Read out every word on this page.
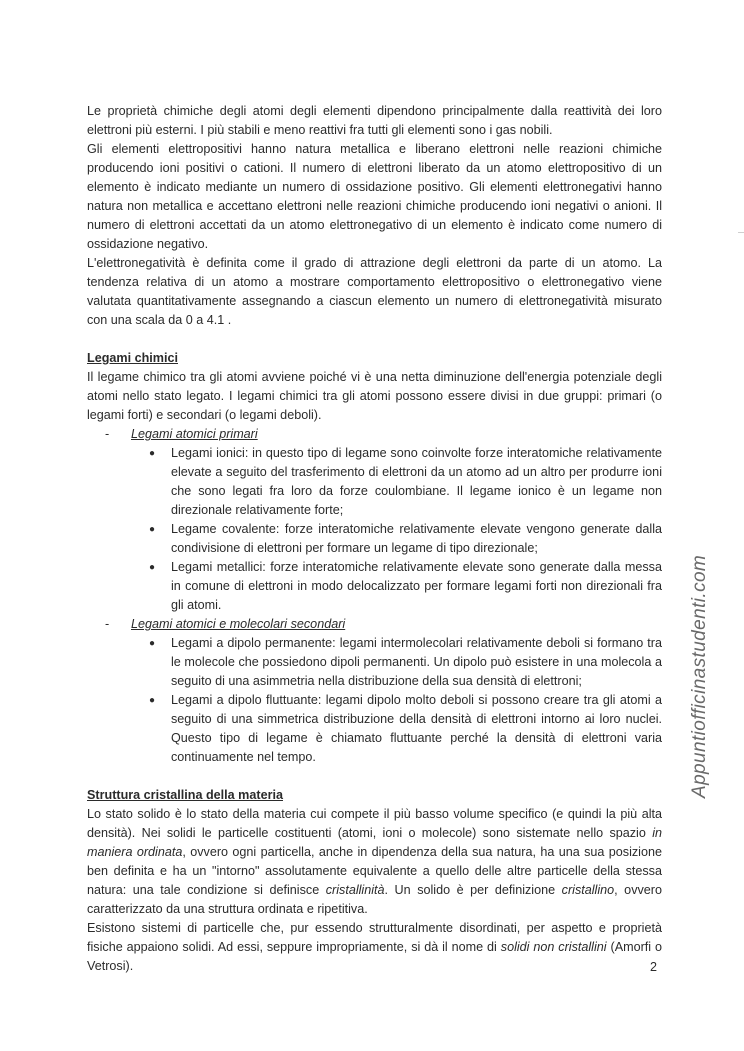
Le proprietà chimiche degli atomi degli elementi dipendono principalmente dalla reattività dei loro elettroni più esterni. I più stabili e meno reattivi fra tutti gli elementi sono i gas nobili.

Gli elementi elettropositivi hanno natura metallica e liberano elettroni nelle reazioni chimiche producendo ioni positivi o cationi. Il numero di elettroni liberato da un atomo elettropositivo di un elemento è indicato mediante un numero di ossidazione positivo. Gli elementi elettronegativi hanno natura non metallica e accettano elettroni nelle reazioni chimiche producendo ioni negativi o anioni. Il numero di elettroni accettati da un atomo elettronegativo di un elemento è indicato come numero di ossidazione negativo.

L'elettronegatività è definita come il grado di attrazione degli elettroni da parte di un atomo. La tendenza relativa di un atomo a mostrare comportamento elettropositivo o elettronegativo viene valutata quantitativamente assegnando a ciascun elemento un numero di elettronegatività misurato con una scala da 0 a 4.1 .

Legami chimici

Il legame chimico tra gli atomi avviene poiché vi è una netta diminuzione dell'energia potenziale degli atomi nello stato legato. I legami chimici tra gli atomi possono essere divisi in due gruppi: primari (o legami forti) e secondari (o legami deboli).

- Legami atomici primari
● Legami ionici: in questo tipo di legame sono coinvolte forze interatomiche relativamente elevate a seguito del trasferimento di elettroni da un atomo ad un altro per produrre ioni che sono legati fra loro da forze coulombiane. Il legame ionico è un legame non direzionale relativamente forte;
● Legame covalente: forze interatomiche relativamente elevate vengono generate dalla condivisione di elettroni per formare un legame di tipo direzionale;
● Legami metallici: forze interatomiche relativamente elevate sono generate dalla messa in comune di elettroni in modo delocalizzato per formare legami forti non direzionali fra gli atomi.
- Legami atomici e molecolari secondari
● Legami a dipolo permanente: legami intermolecolari relativamente deboli si formano tra le molecole che possiedono dipoli permanenti. Un dipolo può esistere in una molecola a seguito di una asimmetria nella distribuzione della sua densità di elettroni;
● Legami a dipolo fluttuante: legami dipolo molto deboli si possono creare tra gli atomi a seguito di una simmetrica distribuzione della densità di elettroni intorno ai loro nuclei. Questo tipo di legame è chiamato fluttuante perché la densità di elettroni varia continuamente nel tempo.

Struttura cristallina della materia

Lo stato solido è lo stato della materia cui compete il più basso volume specifico (e quindi la più alta densità). Nei solidi le particelle costituenti (atomi, ioni o molecole) sono sistemate nello spazio in maniera ordinata, ovvero ogni particella, anche in dipendenza della sua natura, ha una sua posizione ben definita e ha un "intorno" assolutamente equivalente a quello delle altre particelle della stessa natura: una tale condizione si definisce cristallinità. Un solido è per definizione cristallino, ovvero caratterizzato da una struttura ordinata e ripetitiva.

Esistono sistemi di particelle che, pur essendo strutturalmente disordinati, per aspetto e proprietà fisiche appaiono solidi. Ad essi, seppure impropriamente, si dà il nome di solidi non cristallini (Amorfi o Vetrosi).

Appuntiofficinastudenti.com
2
